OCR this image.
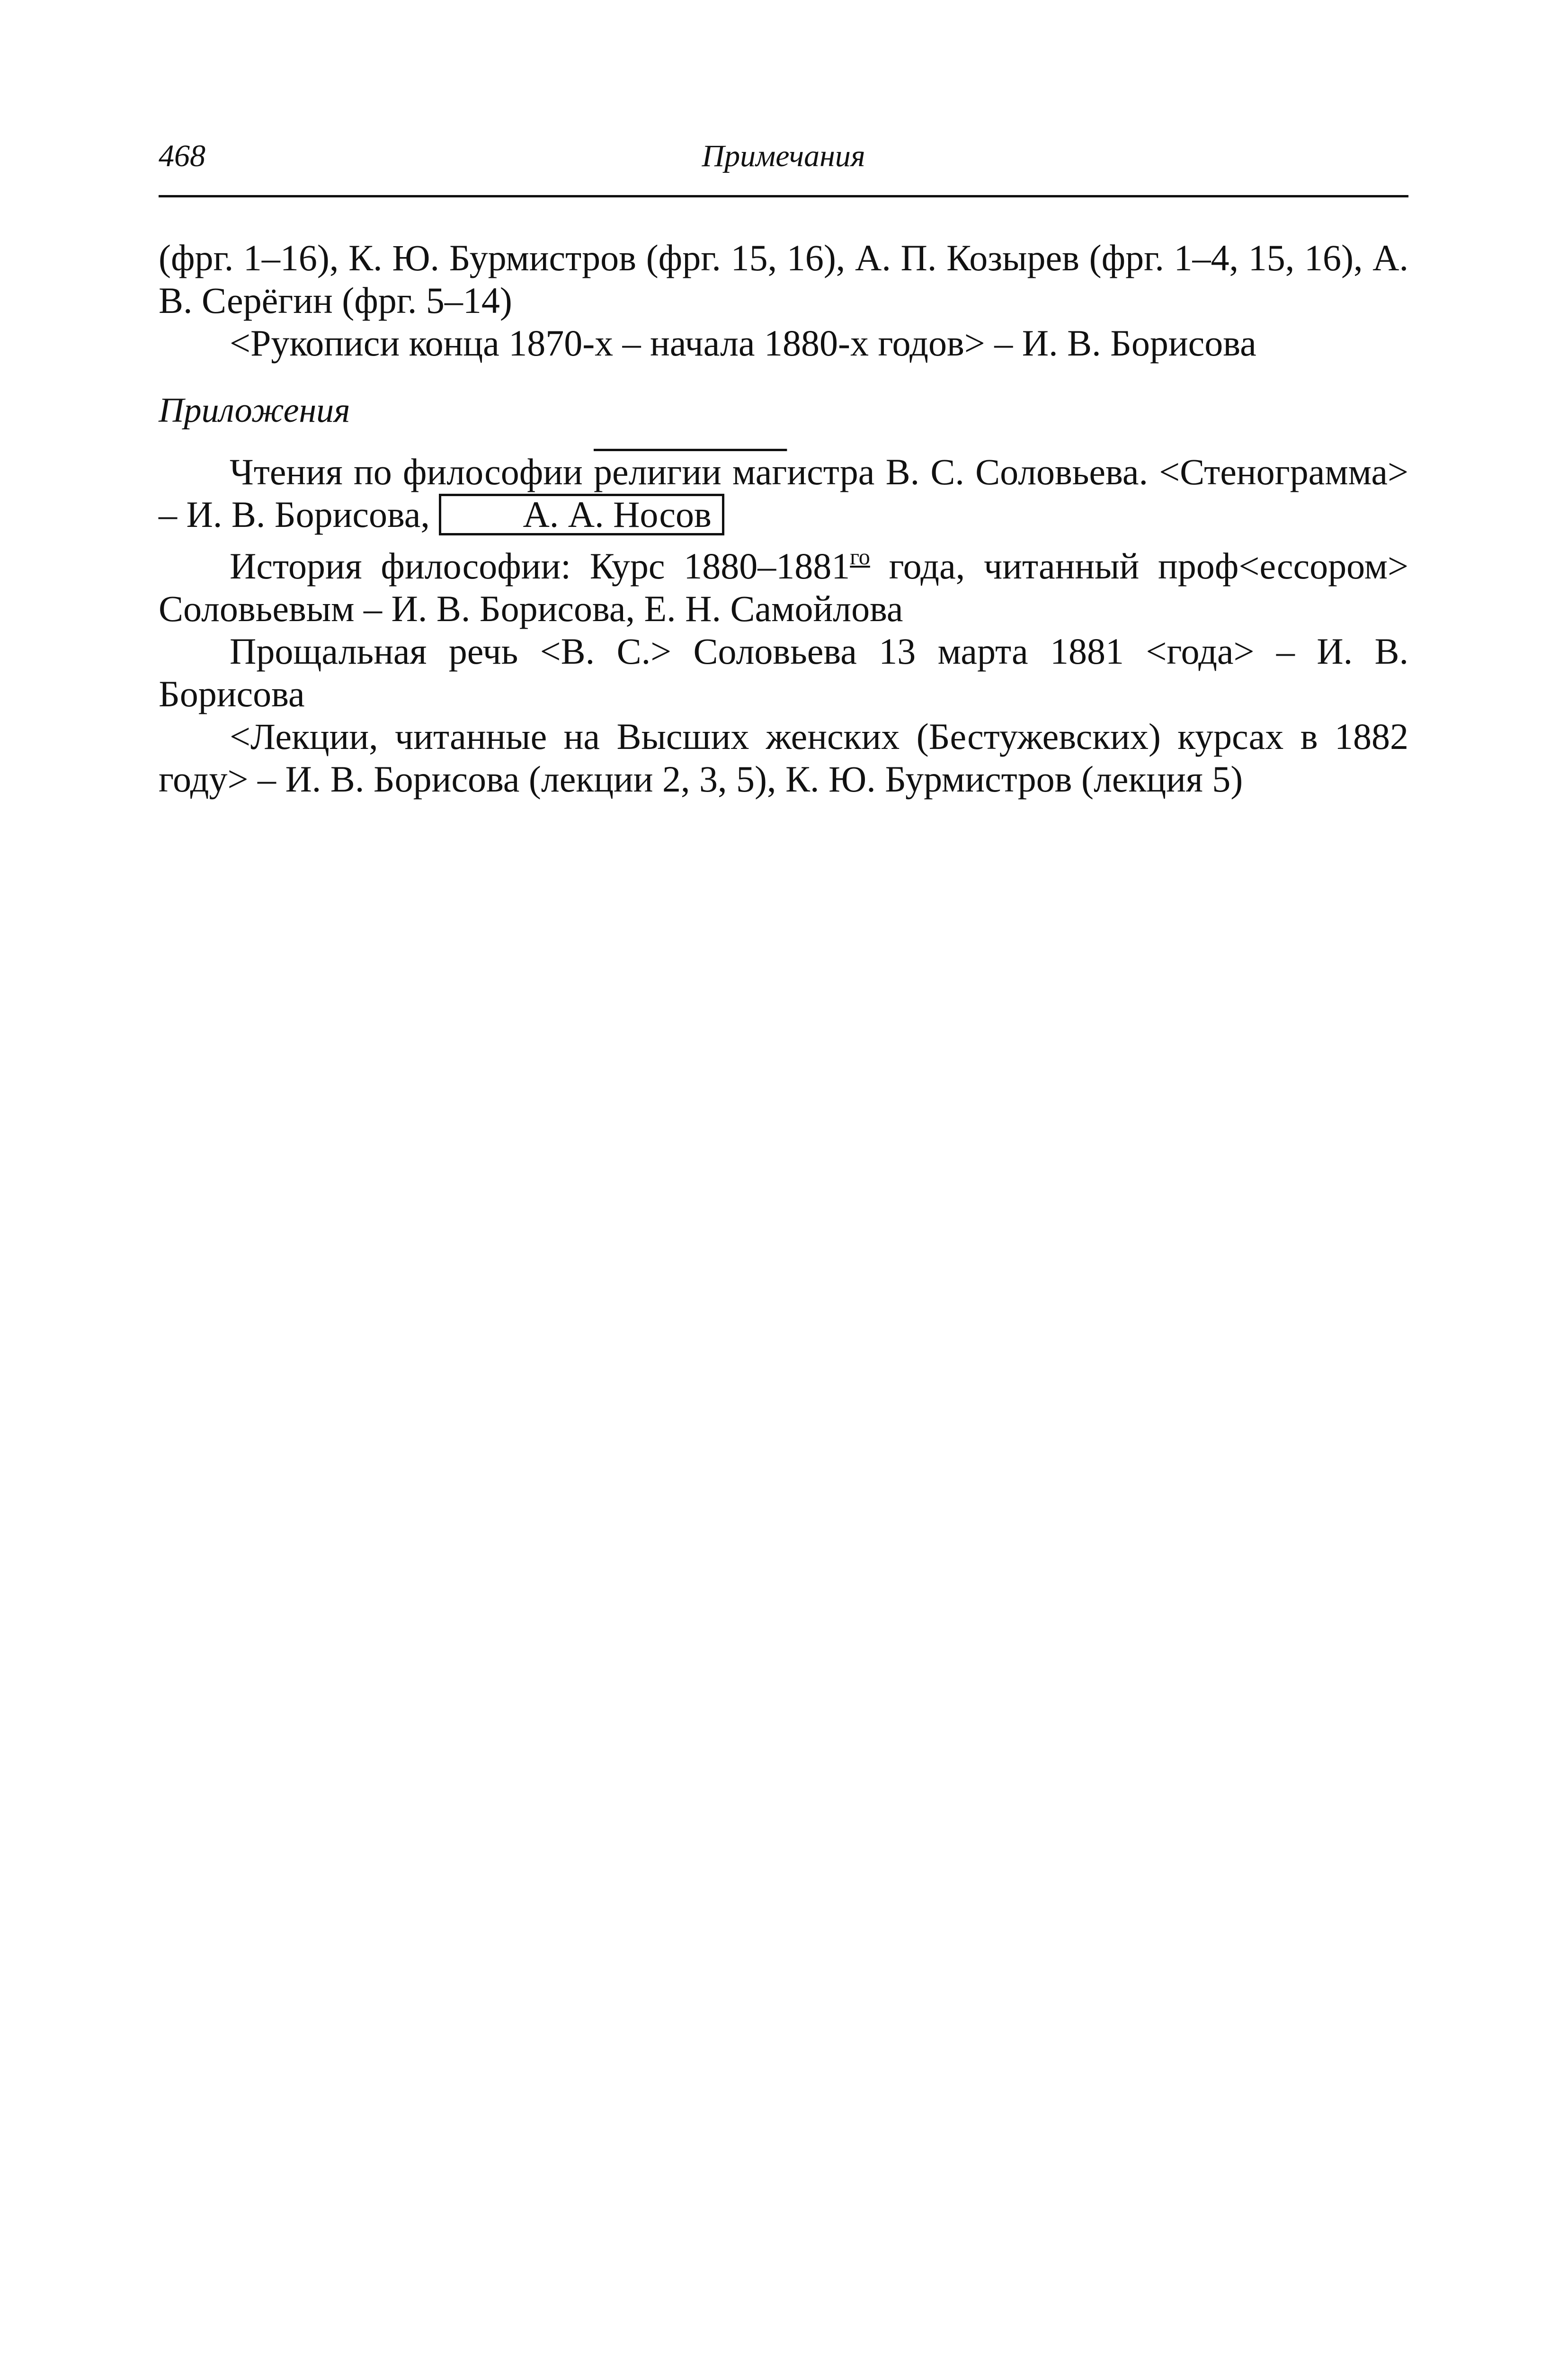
468	Примечания

(фрг. 1–16), К. Ю. Бурмистров (фрг. 15, 16), А. П. Козырев (фрг. 1–4, 15, 16), А. В. Серёгин (фрг. 5–14)

<Рукописи конца 1870-х – начала 1880-х годов> – И. В. Борисова

Приложения

Чтения по философии религии магистра В. С. Соловьева. <Стенограмма> – И. В. Борисова, А. А. Носов

История философии: Курс $1880-1881^{го}$ года, читанный проф<ессором> Соловьевым – И. В. Борисова, Е. Н. Самойлова

Прощальная речь <В. С.> Соловьева 13 марта 1881 <года> – И. В. Борисова

<Лекции, читанные на Высших женских (Бестужевских) курсах в 1882 году> – И. В. Борисова (лекции 2, 3, 5), К. Ю. Бурмистров (лекция 5)
